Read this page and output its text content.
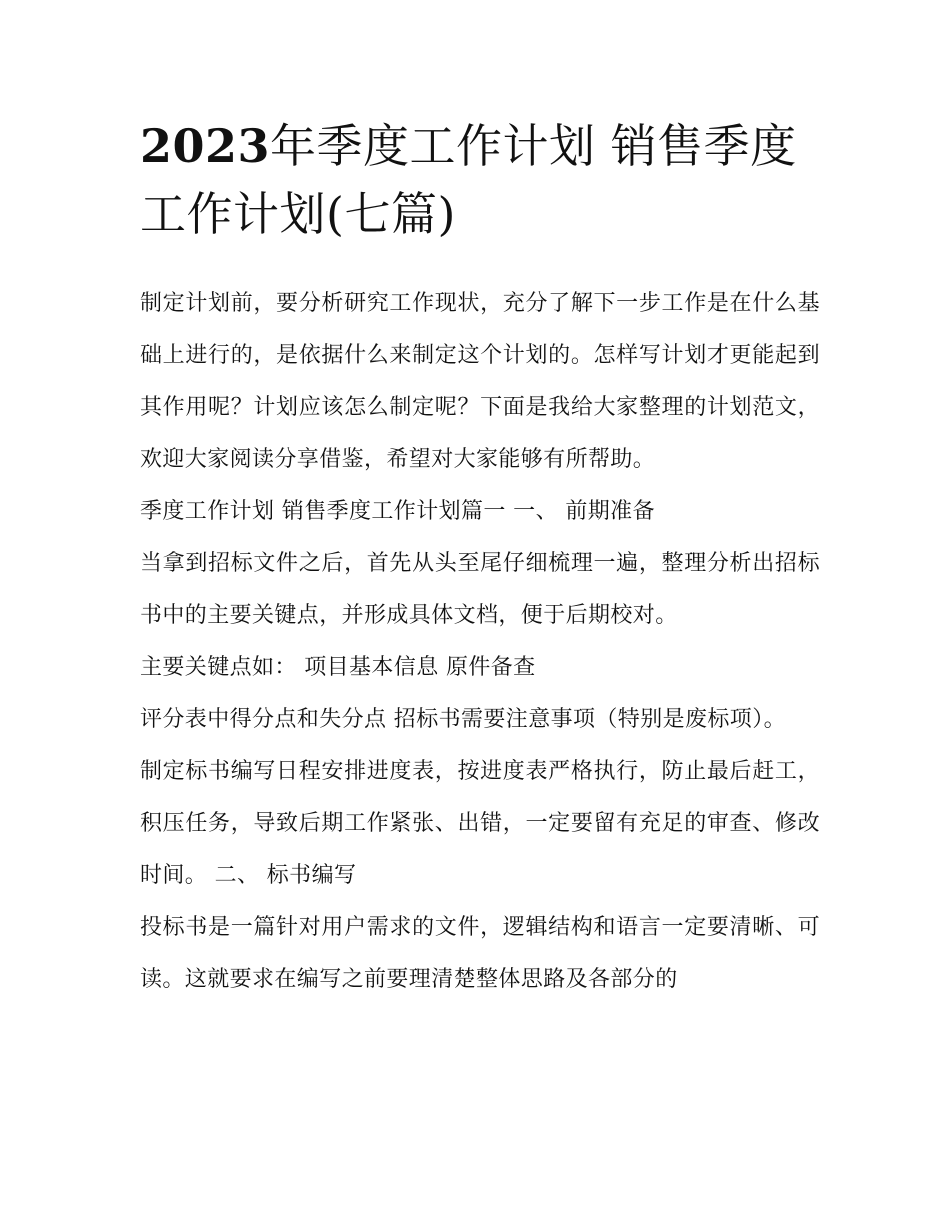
2023年季度工作计划 销售季度工作计划(七篇)

制定计划前，要分析研究工作现状，充分了解下一步工作是在什么基础上进行的，是依据什么来制定这个计划的。怎样写计划才更能起到其作用呢？计划应该怎么制定呢？下面是我给大家整理的计划范文，欢迎大家阅读分享借鉴，希望对大家能够有所帮助。

季度工作计划 销售季度工作计划篇一 一、 前期准备

当拿到招标文件之后，首先从头至尾仔细梳理一遍，整理分析出招标书中的主要关键点，并形成具体文档，便于后期校对。

主要关键点如： 项目基本信息 原件备查

评分表中得分点和失分点 招标书需要注意事项（特别是废标项）。

制定标书编写日程安排进度表，按进度表严格执行，防止最后赶工，积压任务，导致后期工作紧张、出错，一定要留有充足的审查、修改时间。 二、 标书编写

投标书是一篇针对用户需求的文件，逻辑结构和语言一定要清晰、可读。这就要求在编写之前要理清楚整体思路及各部分的
